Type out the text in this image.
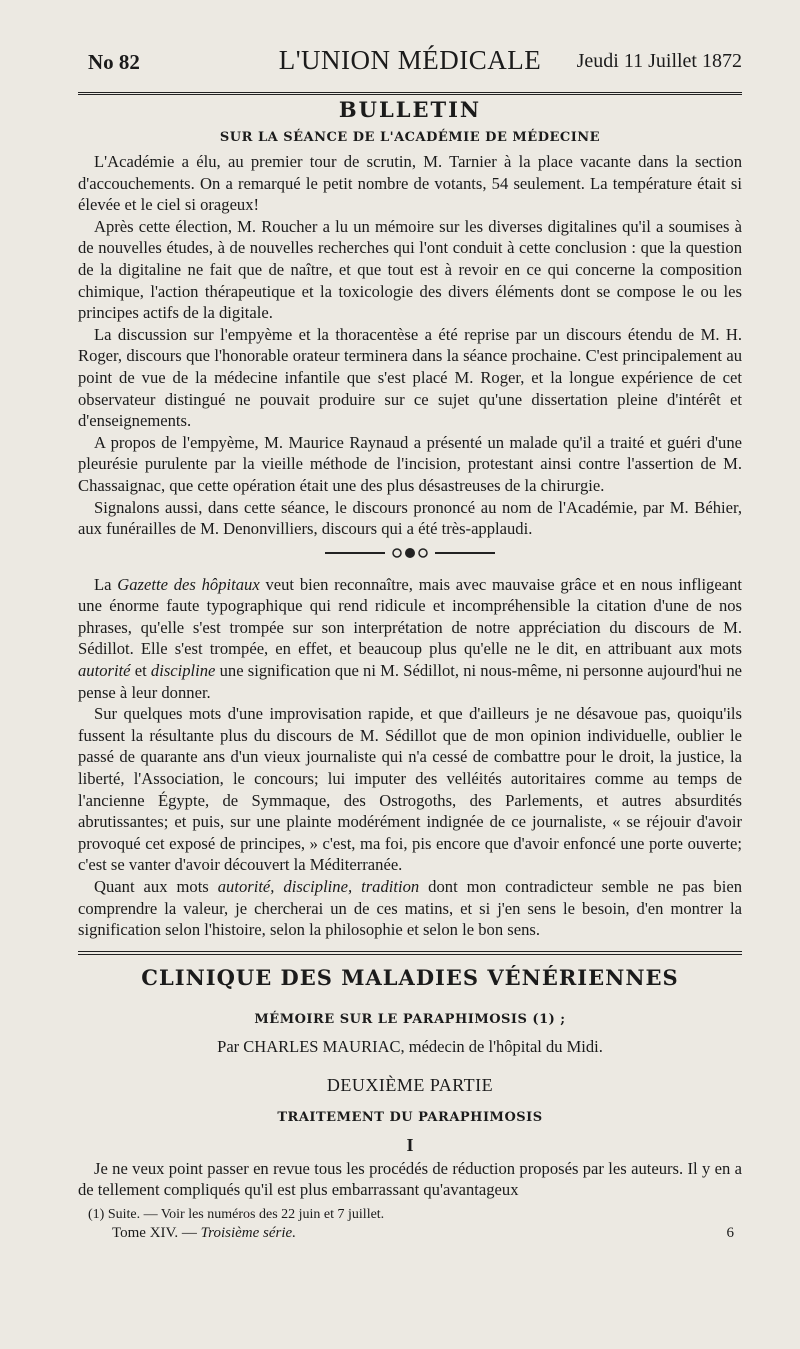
No 82	L'UNION MÉDICALE	Jeudi 11 Juillet 1872
BULLETIN
SUR LA SÉANCE DE L'ACADÉMIE DE MÉDECINE

L'Académie a élu, au premier tour de scrutin, M. Tarnier à la place vacante dans la section d'accouchements. On a remarqué le petit nombre de votants, 54 seulement. La température était si élevée et le ciel si orageux!

Après cette élection, M. Roucher a lu un mémoire sur les diverses digitalines qu'il a soumises à de nouvelles études, à de nouvelles recherches qui l'ont conduit à cette conclusion : que la question de la digitaline ne fait que de naître, et que tout est à revoir en ce qui concerne la composition chimique, l'action thérapeutique et la toxicologie des divers éléments dont se compose le ou les principes actifs de la digitale.

La discussion sur l'empyème et la thoracentèse a été reprise par un discours étendu de M. H. Roger, discours que l'honorable orateur terminera dans la séance prochaine. C'est principalement au point de vue de la médecine infantile que s'est placé M. Roger, et la longue expérience de cet observateur distingué ne pouvait produire sur ce sujet qu'une dissertation pleine d'intérêt et d'enseignements.

A propos de l'empyème, M. Maurice Raynaud a présenté un malade qu'il a traité et guéri d'une pleurésie purulente par la vieille méthode de l'incision, protestant ainsi contre l'assertion de M. Chassaignac, que cette opération était une des plus désastreuses de la chirurgie.

Signalons aussi, dans cette séance, le discours prononcé au nom de l'Académie, par M. Béhier, aux funérailles de M. Denonvilliers, discours qui a été très-applaudi.

La Gazette des hôpitaux veut bien reconnaître, mais avec mauvaise grâce et en nous infligeant une énorme faute typographique qui rend ridicule et incompréhensible la citation d'une de nos phrases, qu'elle s'est trompée sur son interprétation de notre appréciation du discours de M. Sédillot. Elle s'est trompée, en effet, et beaucoup plus qu'elle ne le dit, en attribuant aux mots autorité et discipline une signification que ni M. Sédillot, ni nous-même, ni personne aujourd'hui ne pense à leur donner.

Sur quelques mots d'une improvisation rapide, et que d'ailleurs je ne désavoue pas, quoiqu'ils fussent la résultante plus du discours de M. Sédillot que de mon opinion individuelle, oublier le passé de quarante ans d'un vieux journaliste qui n'a cessé de combattre pour le droit, la justice, la liberté, l'Association, le concours; lui imputer des velléités autoritaires comme au temps de l'ancienne Égypte, de Symmaque, des Ostrogoths, des Parlements, et autres absurdités abrutissantes; et puis, sur une plainte modérément indignée de ce journaliste, « se réjouir d'avoir provoqué cet exposé de principes, » c'est, ma foi, pis encore que d'avoir enfoncé une porte ouverte; c'est se vanter d'avoir découvert la Méditerranée.

Quant aux mots autorité, discipline, tradition dont mon contradicteur semble ne pas bien comprendre la valeur, je chercherai un de ces matins, et si j'en sens le besoin, d'en montrer la signification selon l'histoire, selon la philosophie et selon le bon sens.

CLINIQUE DES MALADIES VÉNÉRIENNES
MÉMOIRE SUR LE PARAPHIMOSIS (1) ;
Par CHARLES MAURIAC, médecin de l'hôpital du Midi.
DEUXIÈME PARTIE
TRAITEMENT DU PARAPHIMOSIS
I

Je ne veux point passer en revue tous les procédés de réduction proposés par les auteurs. Il y en a de tellement compliqués qu'il est plus embarrassant qu'avantageux

(1) Suite. — Voir les numéros des 22 juin et 7 juillet.
Tome XIV. — Troisième série.	6
